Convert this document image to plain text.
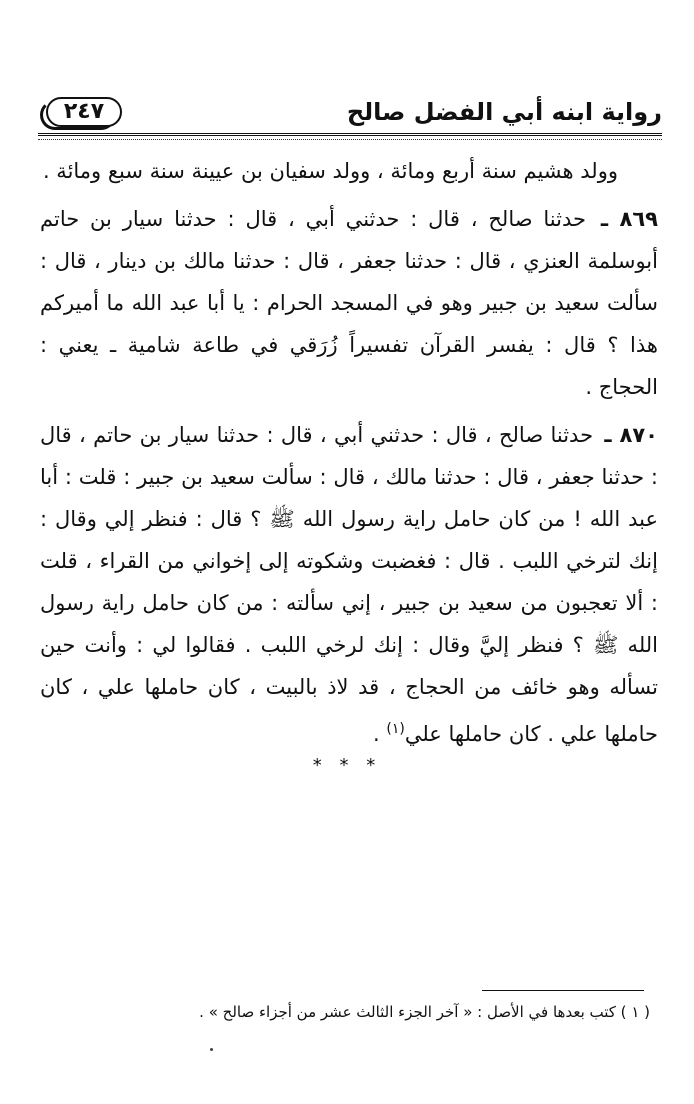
رواية ابنه أبي الفضل صالح
٢٤٧

وولد هشيم سنة أربع ومائة ، وولد سفيان بن عيينة سنة سبع ومائة .

٨٦٩ ـ حدثنا صالح ، قال : حدثني أبي ، قال : حدثنا سيار بن حاتم أبوسلمة العنزي ، قال : حدثنا جعفر ، قال : حدثنا مالك بن دينار ، قال : سألت سعيد بن جبير وهو في المسجد الحرام : يا أبا عبد الله ما أميركم هذا ؟ قال : يفسر القرآن تفسيراً زُرَقي في طاعة شامية ـ يعني : الحجاج .

٨٧٠ ـ حدثنا صالح ، قال : حدثني أبي ، قال : حدثنا سيار بن حاتم ، قال : حدثنا جعفر ، قال : حدثنا مالك ، قال : سألت سعيد بن جبير : قلت : أبا عبد الله ! من كان حامل راية رسول الله ﷺ ؟ قال : فنظر إلي وقال : إنك لترخي اللبب . قال : فغضبت وشكوته إلى إخواني من القراء ، قلت : ألا تعجبون من سعيد بن جبير ، إني سألته : من كان حامل راية رسول الله ﷺ ؟ فنظر إليَّ وقال : إنك لرخي اللبب . فقالوا لي : وأنت حين تسأله وهو خائف من الحجاج ، قد لاذ بالبيت ، كان حاملها علي ، كان حاملها علي . كان حاملها علي$^{(١)}$ .

* * *
( ١ ) كتب بعدها في الأصل : « آخر الجزء الثالث عشر من أجزاء صالح » .
